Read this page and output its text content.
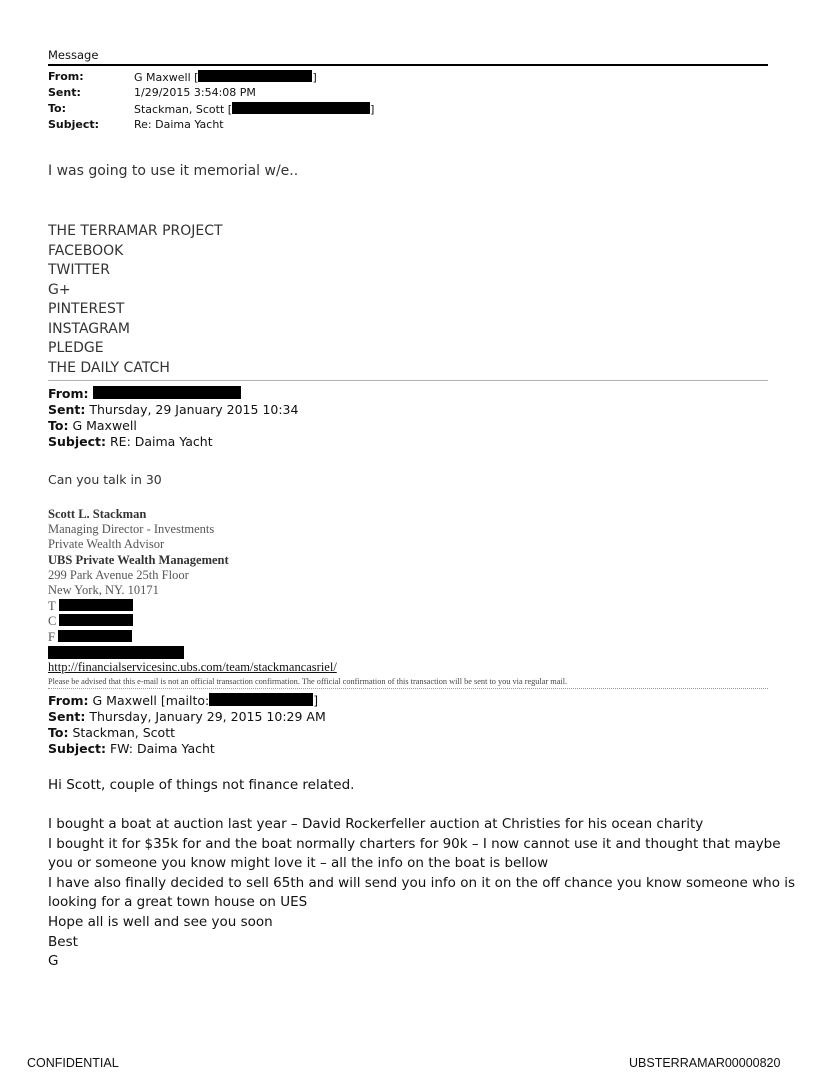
Message
From:	G Maxwell [	]
Sent:	1/29/2015 3:54:08 PM
To:	Stackman, Scott [	]
Subject:	Re: Daima Yacht
I was going to use it memorial w/e..
THE TERRAMAR PROJECT
FACEBOOK
TWITTER
G+
PINTEREST
INSTAGRAM
PLEDGE
THE DAILY CATCH
From:
Sent: Thursday, 29 January 2015 10:34
To: G Maxwell
Subject: RE: Daima Yacht
Can you talk in 30
Scott L. Stackman
Managing Director - Investments
Private Wealth Advisor
UBS Private Wealth Management
299 Park Avenue 25th Floor
New York, NY. 10171
T
C
F
http://financialservicesinc.ubs.com/team/stackmancasriel/
Please be advised that this e-mail is not an official transaction confirmation. The official confirmation of this transaction will be sent to you via regular mail.
From: G Maxwell [mailto:	]
Sent: Thursday, January 29, 2015 10:29 AM
To: Stackman, Scott
Subject: FW: Daima Yacht
Hi Scott, couple of things not finance related.
I bought a boat at auction last year – David Rockerfeller auction at Christies for his ocean charity
I bought it for $35k for and the boat normally charters for 90k – I now cannot use it and thought that maybe
you or someone you know might love it – all the info on the boat is bellow
I have also finally decided to sell 65th and will send you info on it on the off chance you know someone who is
looking for a great town house on UES
Hope all is well and see you soon
Best
G
CONFIDENTIAL	UBSTERRAMAR00000820
